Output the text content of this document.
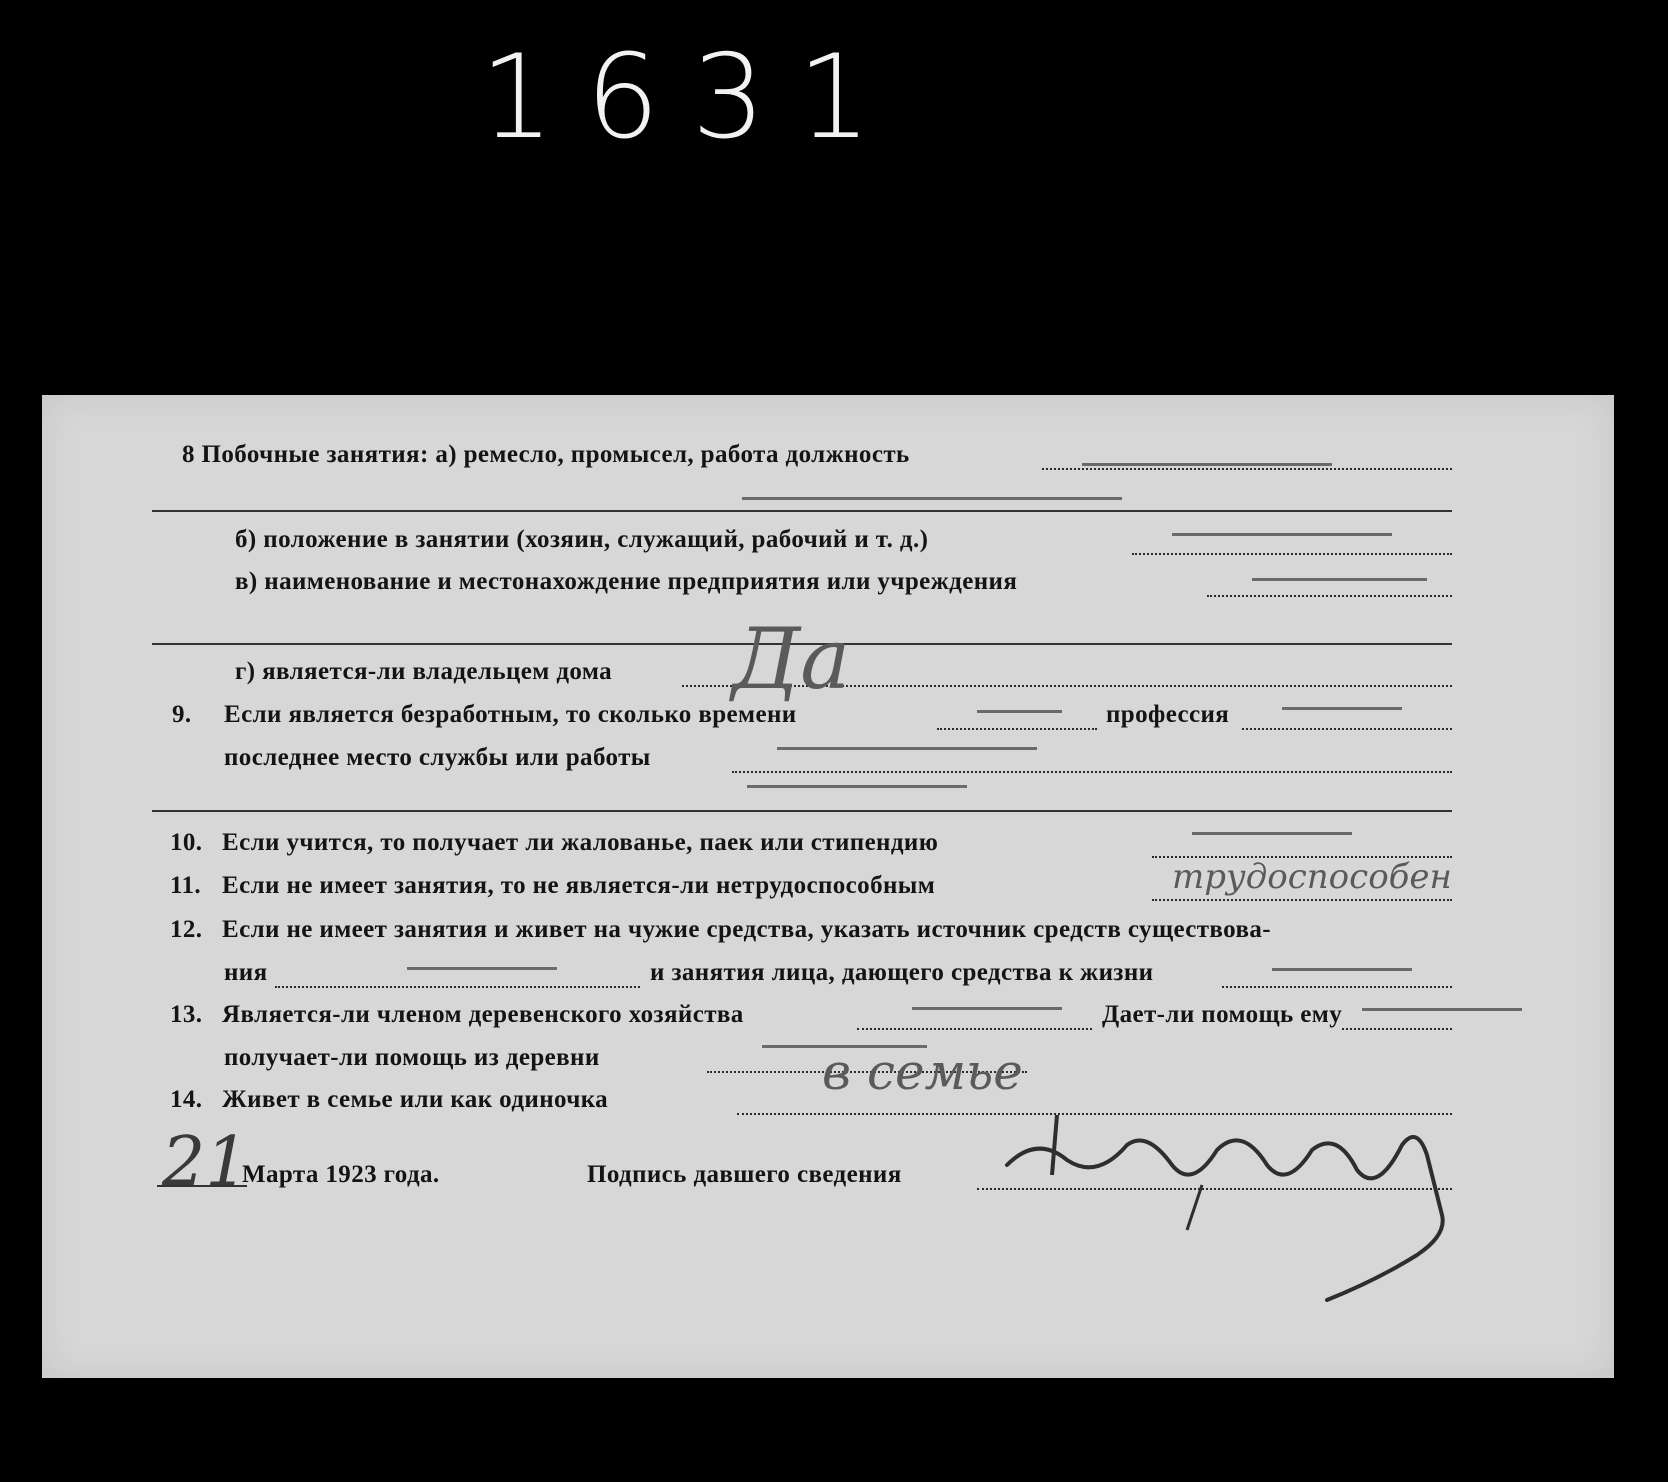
1631
8 Побочные занятия: а) ремесло, промысел, работа должность
б) положение в занятии (хозяин, служащий, рабочий и т. д.)
в) наименование и местонахождение предприятия или учреждения
г) является-ли владельцем дома Да
9. Если является безработным, то сколько времени	профессия
последнее место службы или работы
10. Если учится, то получает ли жалованье, паек или стипендию
11. Если не имеет занятия, то не является-ли нетрудоспособным	трудоспособен
12. Если не имеет занятия и живет на чужие средства, указать источник средств существова-
ния	и занятия лица, дающего средства к жизни
13. Является-ли членом деревенского хозяйства	Дает-ли помощь ему
получает-ли помощь из деревни
14. Живет в семье или как одиночка	в семье
21
Марта 1923 года.	Подпись давшего сведения
